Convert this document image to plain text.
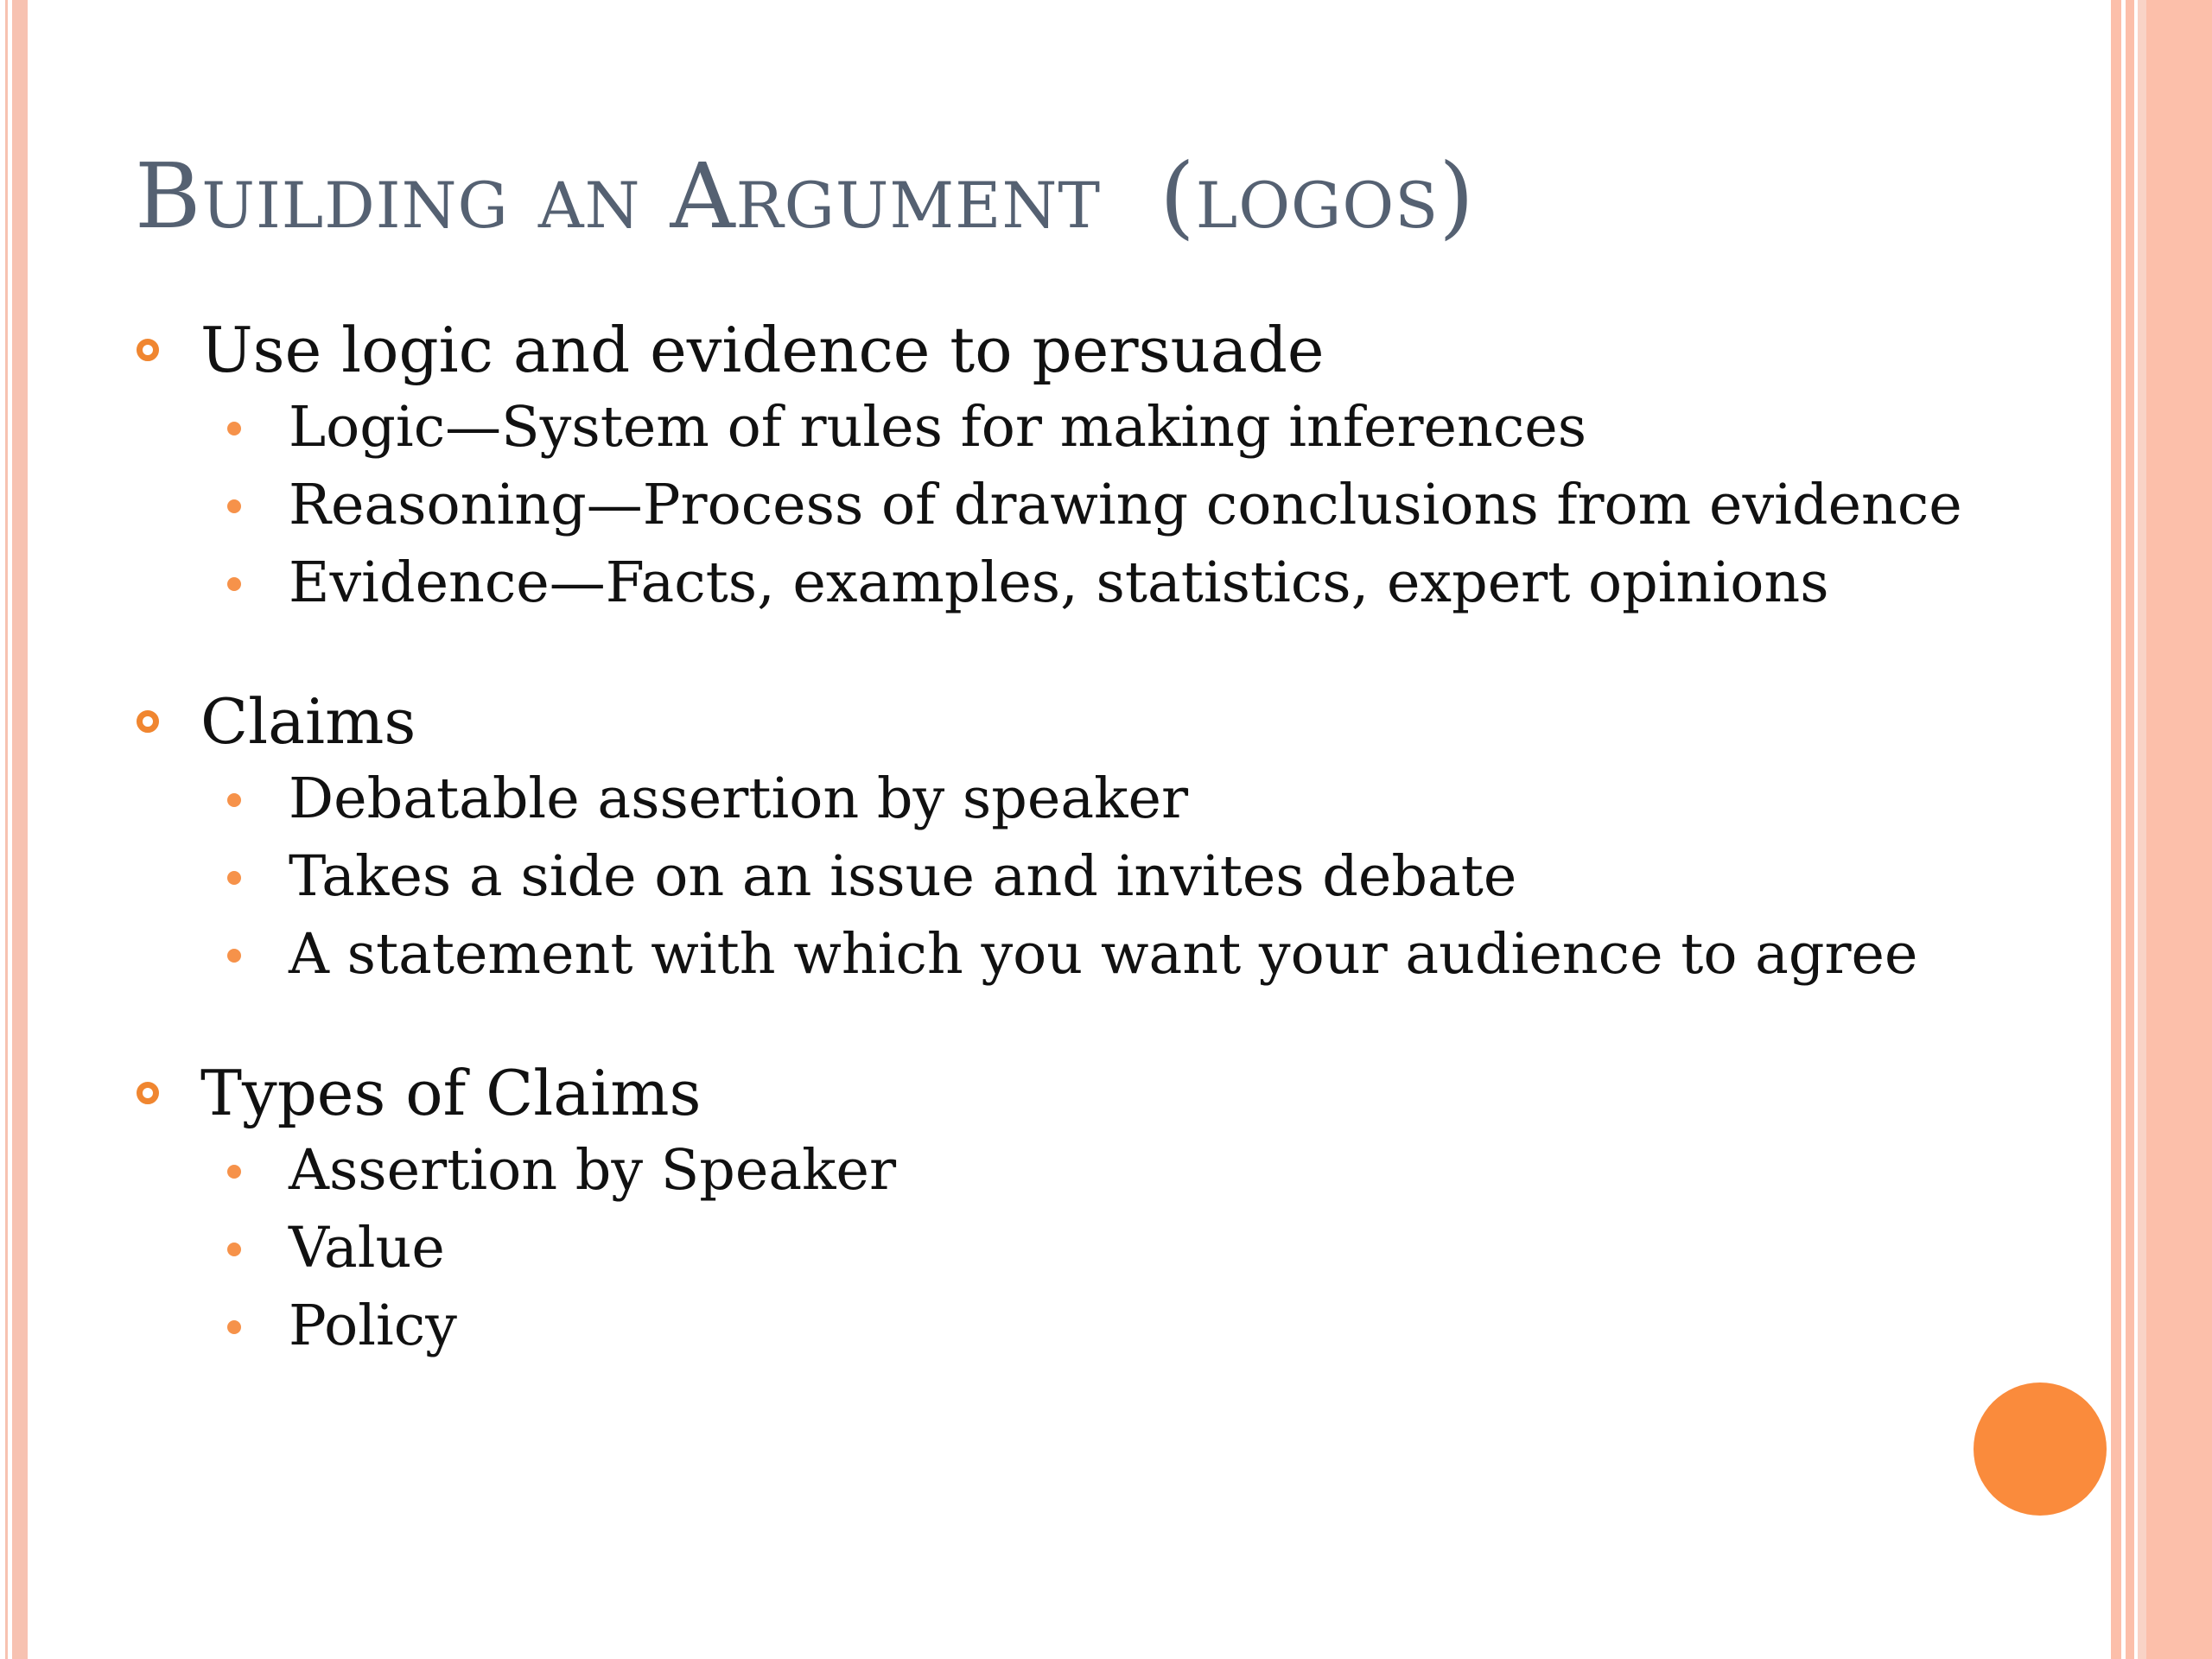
Building an Argument  (logos)
Use logic and evidence to persuade
Logic—System of rules for making inferences
Reasoning—Process of drawing conclusions from evidence
Evidence—Facts, examples, statistics, expert opinions
Claims
Debatable assertion by speaker
Takes a side on an issue and invites debate
A statement with which you want your audience to agree
Types of Claims
Assertion by Speaker
Value
Policy
